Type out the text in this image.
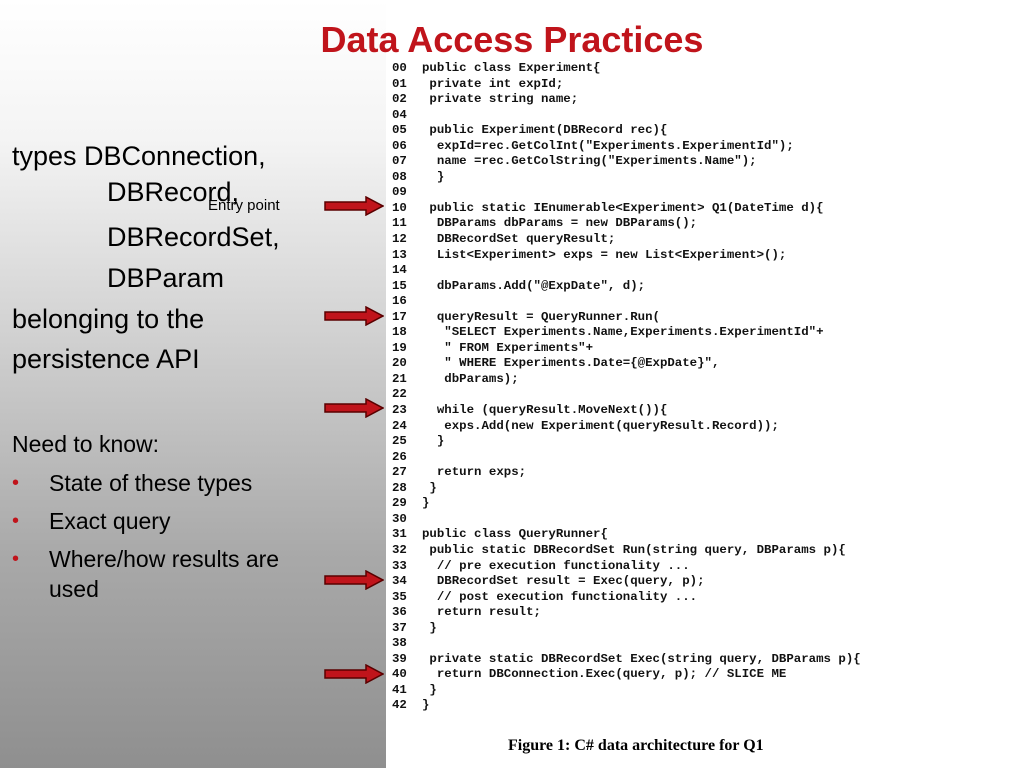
Data Access Practices
types DBConnection,
DBRecord,
DBRecordSet,
DBParam
belonging to the
persistence API
Entry point
Need to know:
• State of these types
• Exact query
• Where/how results are
used
00 public class Experiment{
01 private int expId;
02 private string name;
04
05 public Experiment(DBRecord rec){
06  expId=rec.GetColInt("Experiments.ExperimentId");
07  name =rec.GetColString("Experiments.Name");
08  }
09
10 public static IEnumerable<Experiment> Q1(DateTime d){
11  DBParams dbParams = new DBParams();
12  DBRecordSet queryResult;
13  List<Experiment> exps = new List<Experiment>();
14
15  dbParams.Add("@ExpDate", d);
16
17  queryResult = QueryRunner.Run(
18   "SELECT Experiments.Name,Experiments.ExperimentId"+
19   " FROM Experiments"+
20   " WHERE Experiments.Date={@ExpDate}",
21   dbParams);
22
23  while (queryResult.MoveNext()){
24   exps.Add(new Experiment(queryResult.Record));
25  }
26
27  return exps;
28 }
29 }
30
31 public class QueryRunner{
32 public static DBRecordSet Run(string query, DBParams p){
33  // pre execution functionality ...
34  DBRecordSet result = Exec(query, p);
35  // post execution functionality ...
36  return result;
37 }
38
39 private static DBRecordSet Exec(string query, DBParams p){
40  return DBConnection.Exec(query, p); // SLICE ME
41 }
42 }
Figure 1: C# data architecture for Q1
